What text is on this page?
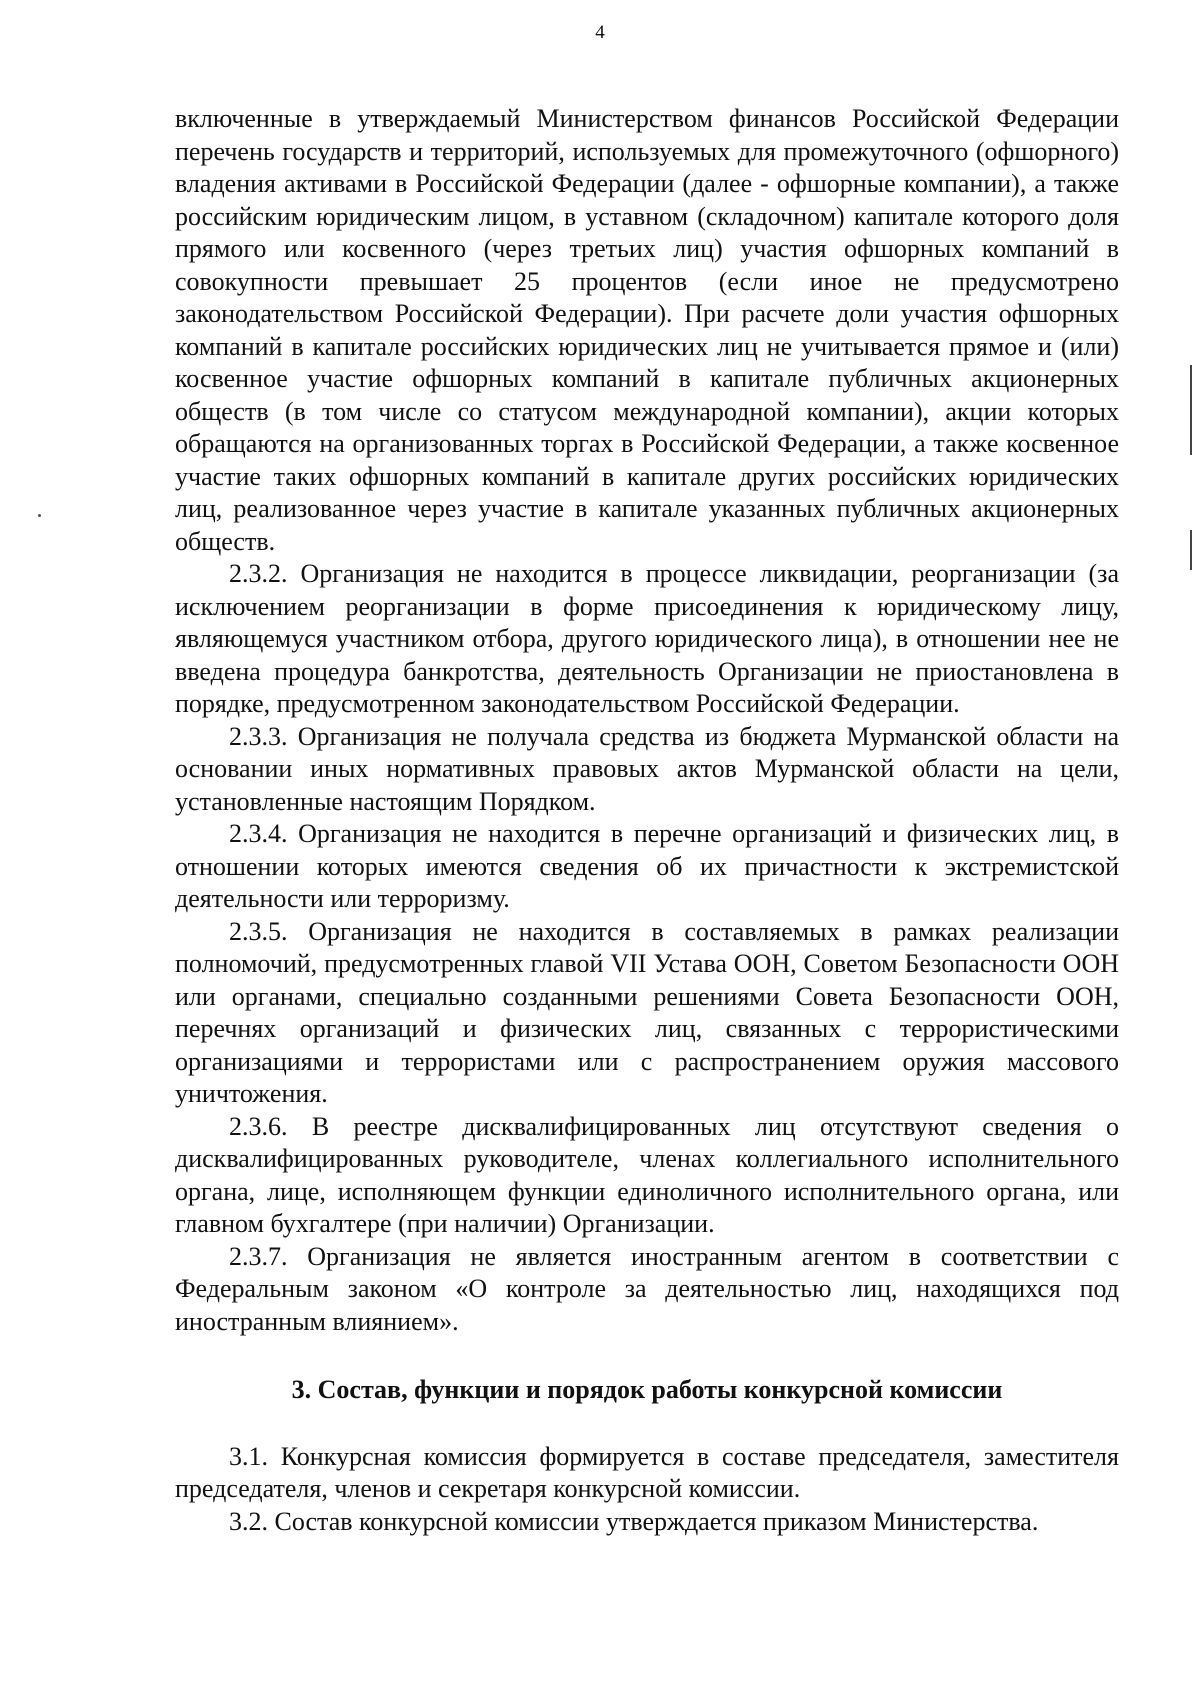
4

включенные в утверждаемый Министерством финансов Российской Федерации перечень государств и территорий, используемых для промежуточного (офшорного) владения активами в Российской Федерации (далее - офшорные компании), а также российским юридическим лицом, в уставном (складочном) капитале которого доля прямого или косвенного (через третьих лиц) участия офшорных компаний в совокупности превышает 25 процентов (если иное не предусмотрено законодательством Российской Федерации). При расчете доли участия офшорных компаний в капитале российских юридических лиц не учитывается прямое и (или) косвенное участие офшорных компаний в капитале публичных акционерных обществ (в том числе со статусом международной компании), акции которых обращаются на организованных торгах в Российской Федерации, а также косвенное участие таких офшорных компаний в капитале других российских юридических лиц, реализованное через участие в капитале указанных публичных акционерных обществ.

2.3.2. Организация не находится в процессе ликвидации, реорганизации (за исключением реорганизации в форме присоединения к юридическому лицу, являющемуся участником отбора, другого юридического лица), в отношении нее не введена процедура банкротства, деятельность Организации не приостановлена в порядке, предусмотренном законодательством Российской Федерации.

2.3.3. Организация не получала средства из бюджета Мурманской области на основании иных нормативных правовых актов Мурманской области на цели, установленные настоящим Порядком.

2.3.4. Организация не находится в перечне организаций и физических лиц, в отношении которых имеются сведения об их причастности к экстремистской деятельности или терроризму.

2.3.5. Организация не находится в составляемых в рамках реализации полномочий, предусмотренных главой VII Устава ООН, Советом Безопасности ООН или органами, специально созданными решениями Совета Безопасности ООН, перечнях организаций и физических лиц, связанных с террористическими организациями и террористами или с распространением оружия массового уничтожения.

2.3.6. В реестре дисквалифицированных лиц отсутствуют сведения о дисквалифицированных руководителе, членах коллегиального исполнительного органа, лице, исполняющем функции единоличного исполнительного органа, или главном бухгалтере (при наличии) Организации.

2.3.7. Организация не является иностранным агентом в соответствии с Федеральным законом «О контроле за деятельностью лиц, находящихся под иностранным влиянием».

3. Состав, функции и порядок работы конкурсной комиссии

3.1. Конкурсная комиссия формируется в составе председателя, заместителя председателя, членов и секретаря конкурсной комиссии.

3.2. Состав конкурсной комиссии утверждается приказом Министерства.
